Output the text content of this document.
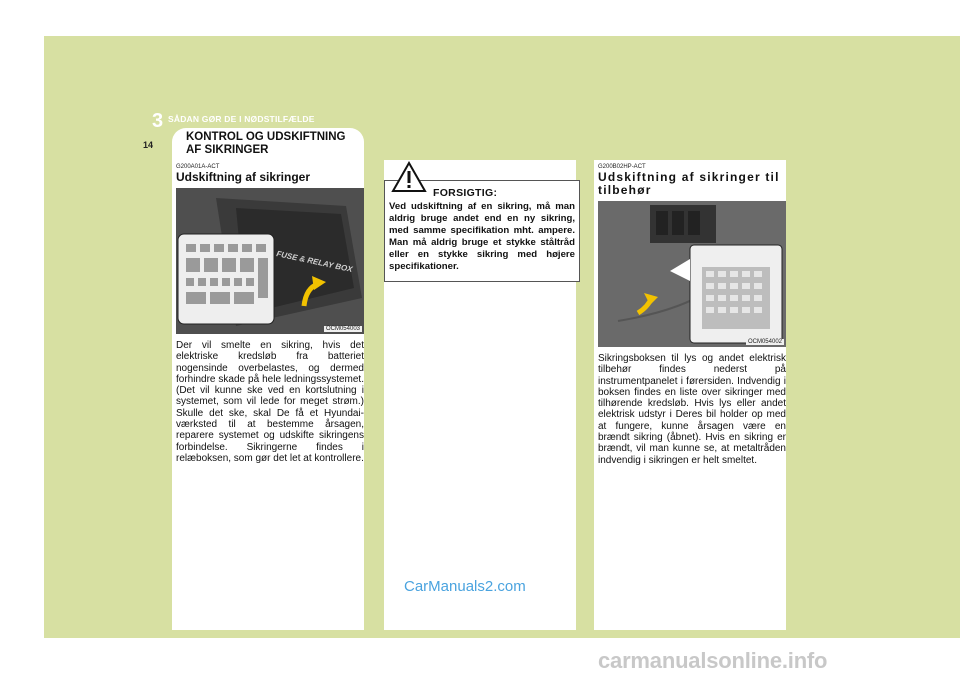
3 SÅDAN GØR DE I NØDSTILFÆLDE
14
KONTROL OG UDSKIFTNING
AF SIKRINGER
G200A01A-ACT
Udskiftning af sikringer
FUSE & RELAY BOX
OCM054003
Der vil smelte en sikring, hvis det elektriske kredsløb fra batteriet nogensinde overbelastes, og dermed forhindre skade på hele ledningssystemet. (Det vil kunne ske ved en kortslutning i systemet, som vil lede for meget strøm.) Skulle det ske, skal De få et Hyundai-værksted til at bestemme årsagen, reparere systemet og udskifte sikringens forbindelse. Sikringerne findes i relæboksen, som gør det let at kontrollere.
FORSIGTIG:
Ved udskiftning af en sikring, må man aldrig bruge andet end en ny sikring, med samme specifikation mht. ampere. Man må aldrig bruge et stykke ståltråd eller en stykke sikring med højere specifikationer.
G200B02HP-ACT
Udskiftning af sikringer til tilbehør
OCM054002
Sikringsboksen til lys og andet elektrisk tilbehør findes nederst på instrumentpanelet i førersiden. Indvendig i boksen findes en liste over sikringer med tilhørende kredsløb. Hvis lys eller andet elektrisk udstyr i Deres bil holder op med at fungere, kunne årsagen være en brændt sikring (åbnet). Hvis en sikring er brændt, vil man kunne se, at metaltråden indvendig i sikringen er helt smeltet.
CarManuals2.com
carmanualsonline.info
